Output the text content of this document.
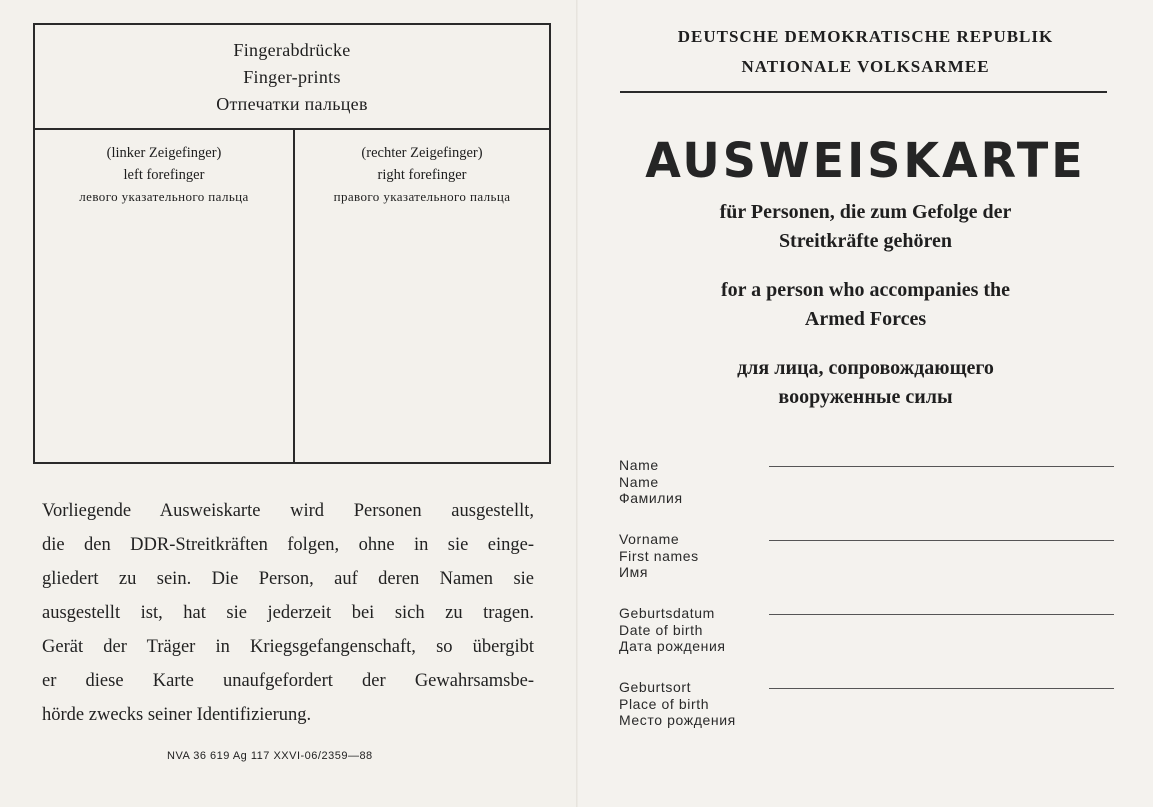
Fingerabdrücke
Finger-prints
Отпечатки пальцев
(linker Zeigefinger)
left forefinger
левого указательного пальца
(rechter Zeigefinger)
right forefinger
правого указательного пальца
Vorliegende Ausweiskarte wird Personen ausgestellt,
die den DDR-Streitkräften folgen, ohne in sie einge-
gliedert zu sein. Die Person, auf deren Namen sie
ausgestellt ist, hat sie jederzeit bei sich zu tragen.
Gerät der Träger in Kriegsgefangenschaft, so übergibt
er diese Karte unaufgefordert der Gewahrsamsbe-
hörde zwecks seiner Identifizierung.
NVA 36 619 Ag 117 XXVI-06/2359—88
DEUTSCHE DEMOKRATISCHE REPUBLIK
NATIONALE VOLKSARMEE
AUSWEISKARTE
für Personen, die zum Gefolge der
Streitkräfte gehören
for a person who accompanies the
Armed Forces
для лица, сопровождающего
вооруженные силы
Name
Name
Фамилия
Vorname
First names
Имя
Geburtsdatum
Date of birth
Дата рождения
Geburtsort
Place of birth
Место рождения
